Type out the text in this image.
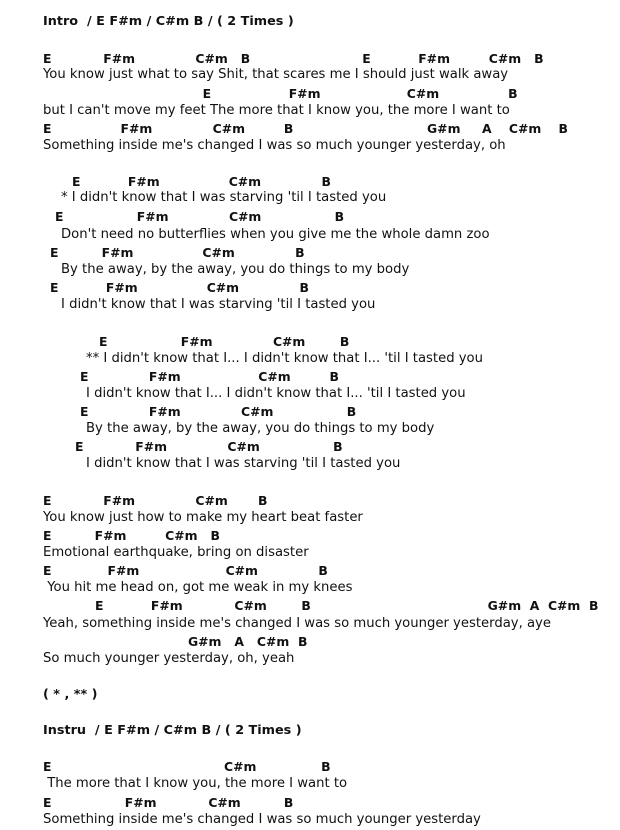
Intro  / E F#m / C#m B / ( 2 Times )
E            F#m              C#m   B                          E           F#m         C#m   B
You know just what to say Shit, that scares me I should just walk away
E                  F#m                    C#m                B
but I can't move my feet The more that I know you, the more I want to
E                F#m              C#m         B                               G#m     A    C#m    B
Something inside me's changed I was so much younger yesterday, oh
E           F#m                C#m              B
* I didn't know that I was starving 'til I tasted you
E                 F#m              C#m                 B
Don't need no butterflies when you give me the whole damn zoo
E          F#m                C#m              B
By the away, by the away, you do things to my body
E           F#m                C#m              B
I didn't know that I was starving 'til I tasted you
E                 F#m              C#m        B
** I didn't know that I... I didn't know that I... 'til I tasted you
E              F#m                  C#m         B
I didn't know that I... I didn't know that I... 'til I tasted you
E              F#m              C#m                 B
By the away, by the away, you do things to my body
E            F#m              C#m                 B
I didn't know that I was starving 'til I tasted you
E            F#m              C#m       B
You know just how to make my heart beat faster
E          F#m         C#m   B
Emotional earthquake, bring on disaster
E             F#m                    C#m              B
You hit me head on, got me weak in my knees
E           F#m            C#m        B                                         G#m  A  C#m  B
Yeah, something inside me's changed I was so much younger yesterday, aye
G#m   A   C#m  B
So much younger yesterday, oh, yeah
( * , ** )
Instru  / E F#m / C#m B / ( 2 Times )
E                                        C#m               B
The more that I know you, the more I want to
E                 F#m            C#m          B
Something inside me's changed I was so much younger yesterday
